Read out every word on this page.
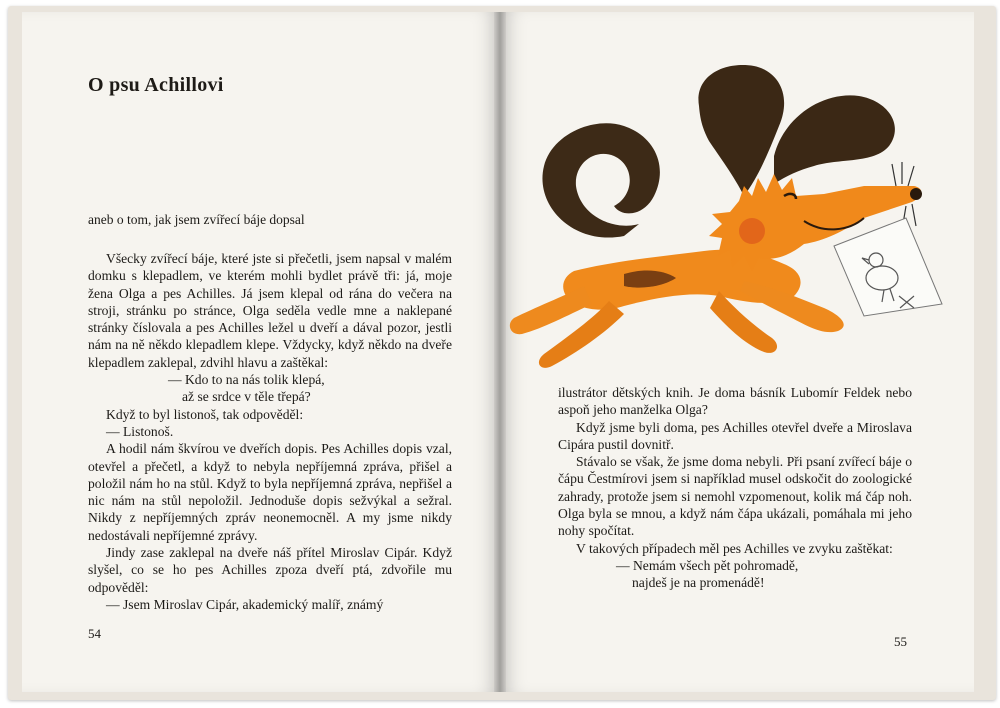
O psu Achillovi
aneb o tom, jak jsem zvířecí báje dopsal

Všecky zvířecí báje, které jste si přečetli, jsem napsal v malém domku s klepadlem, ve kterém mohli bydlet právě tři: já, moje žena Olga a pes Achilles. Já jsem klepal od rána do večera na stroji, stránku po stránce, Olga seděla vedle mne a naklepané stránky číslovala a pes Achilles ležel u dveří a dával pozor, jestli nám na ně někdo klepadlem klepe. Vždycky, když někdo na dveře klepadlem zaklepal, zdvihl hlavu a zaštěkal:

— Kdo to na nás tolik klepá,

až se srdce v těle třepá?

Když to byl listonoš, tak odpověděl:

— Listonoš.

A hodil nám škvírou ve dveřích dopis. Pes Achilles dopis vzal, otevřel a přečetl, a když to nebyla nepříjemná zpráva, přišel a položil nám ho na stůl. Když to byla nepříjemná zpráva, nepřišel a nic nám na stůl nepoložil. Jednoduše dopis sežvýkal a sežral. Nikdy z nepříjemných zpráv neonemocněl. A my jsme nikdy nedostávali nepříjemné zprávy.

Jindy zase zaklepal na dveře náš přítel Miroslav Cipár. Když slyšel, co se ho pes Achilles zpoza dveří ptá, zdvořile mu odpověděl:

— Jsem Miroslav Cipár, akademický malíř, známý

54

ilustrátor dětských knih. Je doma básník Lubomír Feldek nebo aspoň jeho manželka Olga?

Když jsme byli doma, pes Achilles otevřel dveře a Miroslava Cipára pustil dovnitř.

Stávalo se však, že jsme doma nebyli. Při psaní zvířecí báje o čápu Čestmírovi jsem si například musel odskočit do zoologické zahrady, protože jsem si nemohl vzpomenout, kolik má čáp noh. Olga byla se mnou, a když nám čápa ukázali, pomáhala mi jeho nohy spočítat.

V takových případech měl pes Achilles ve zvyku zaštěkat:

— Nemám všech pět pohromadě,

najdeš je na promenádě!

55
